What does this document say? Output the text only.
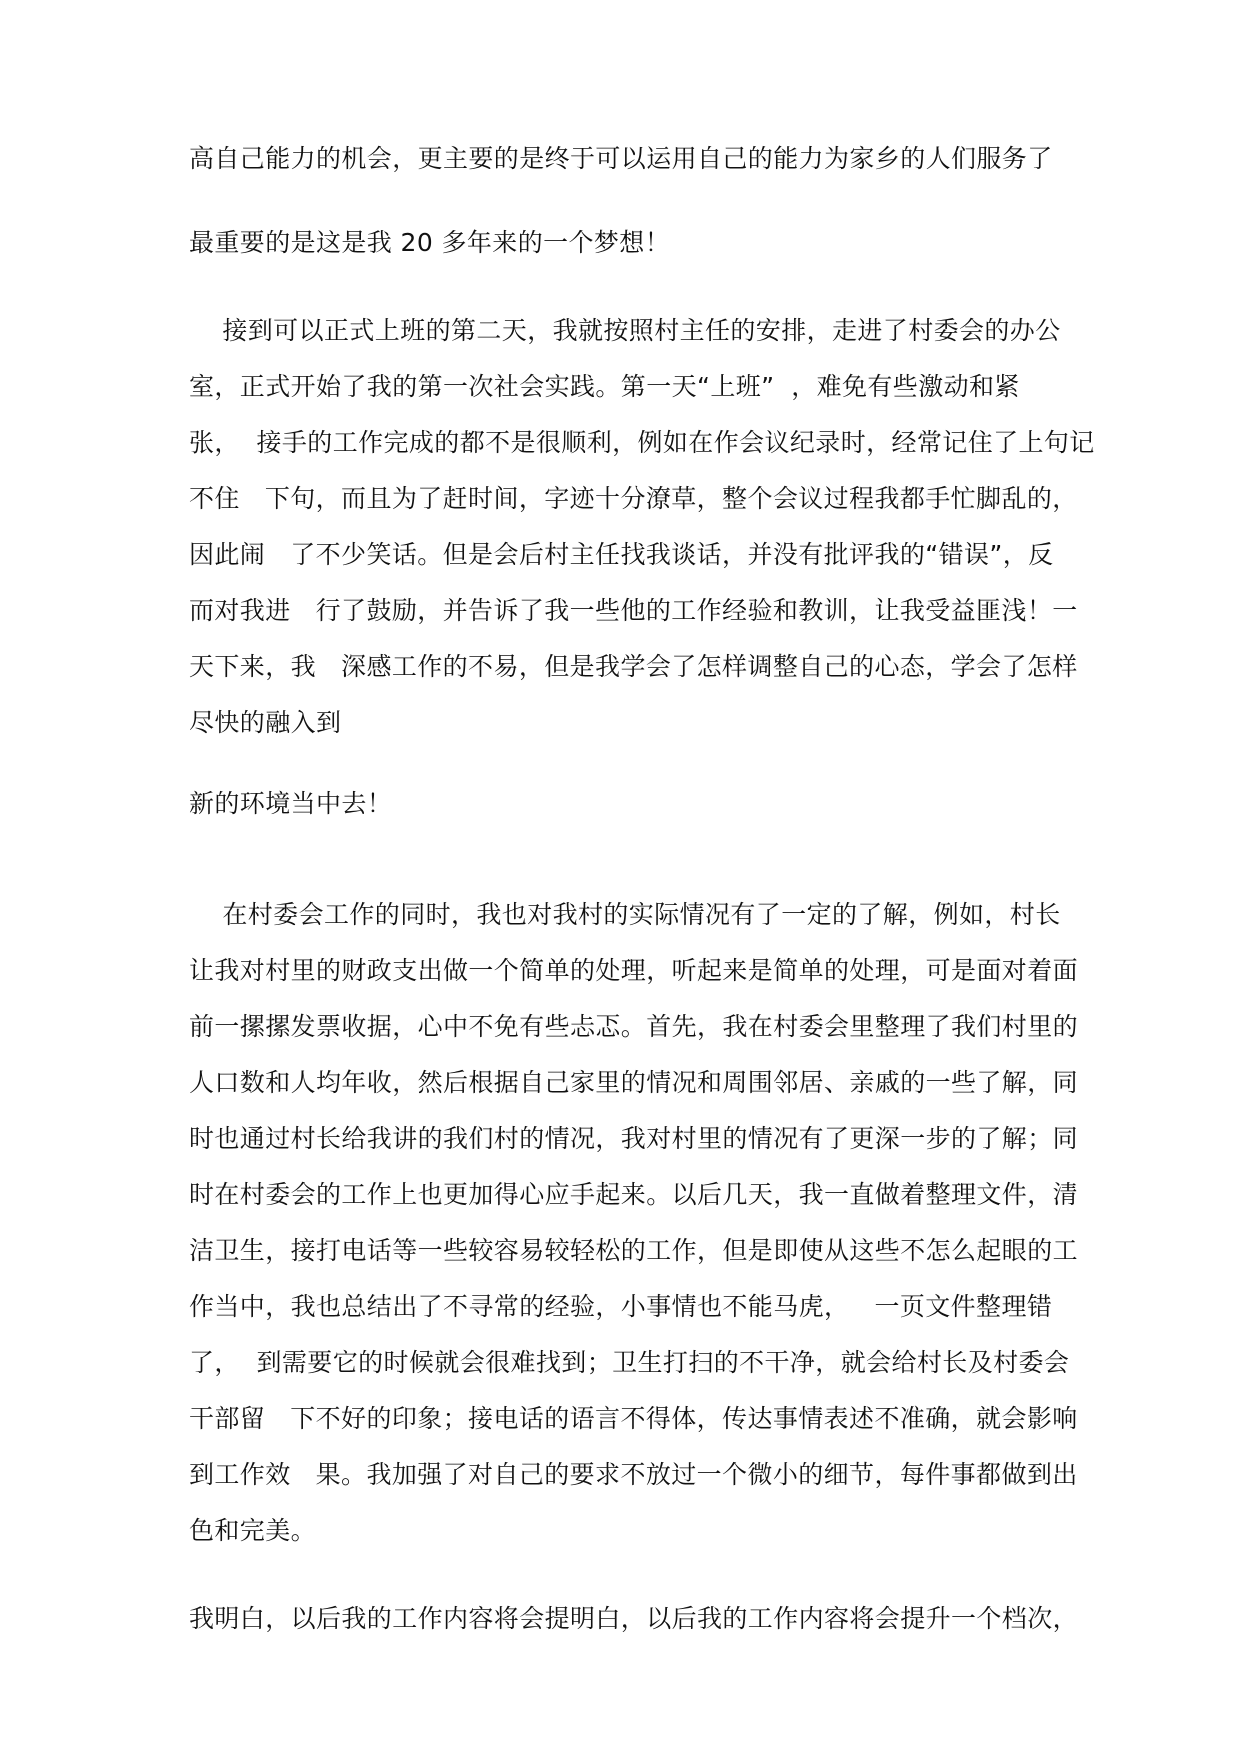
高自己能力的机会，更主要的是终于可以运用自己的能力为家乡的人们服务了
最重要的是这是我 20 多年来的一个梦想！
接到可以正式上班的第二天，我就按照村主任的安排，走进了村委会的办公
室，正式开始了我的第一次社会实践。第一天“上班”  ，难免有些激动和紧
张，  接手的工作完成的都不是很顺利，例如在作会议纪录时，经常记住了上句记
不住   下句，而且为了赶时间，字迹十分潦草，整个会议过程我都手忙脚乱的，
因此闹   了不少笑话。但是会后村主任找我谈话，并没有批评我的“错误”，反
而对我进   行了鼓励，并告诉了我一些他的工作经验和教训，让我受益匪浅！一
天下来，我   深感工作的不易，但是我学会了怎样调整自己的心态，学会了怎样
尽快的融入到
新的环境当中去！
在村委会工作的同时，我也对我村的实际情况有了一定的了解，例如，村长
让我对村里的财政支出做一个简单的处理，听起来是简单的处理，可是面对着面
前一摞摞发票收据，心中不免有些忐忑。首先，我在村委会里整理了我们村里的
人口数和人均年收，然后根据自己家里的情况和周围邻居、亲戚的一些了解，同
时也通过村长给我讲的我们村的情况，我对村里的情况有了更深一步的了解；同
时在村委会的工作上也更加得心应手起来。以后几天，我一直做着整理文件，清
洁卫生，接打电话等一些较容易较轻松的工作，但是即使从这些不怎么起眼的工
作当中，我也总结出了不寻常的经验，小事情也不能马虎，   一页文件整理错
了，  到需要它的时候就会很难找到；卫生打扫的不干净，就会给村长及村委会
干部留   下不好的印象；接电话的语言不得体，传达事情表述不准确，就会影响
到工作效   果。我加强了对自己的要求不放过一个微小的细节，每件事都做到出
色和完美。
我明白，以后我的工作内容将会提明白，以后我的工作内容将会提升一个档次，
